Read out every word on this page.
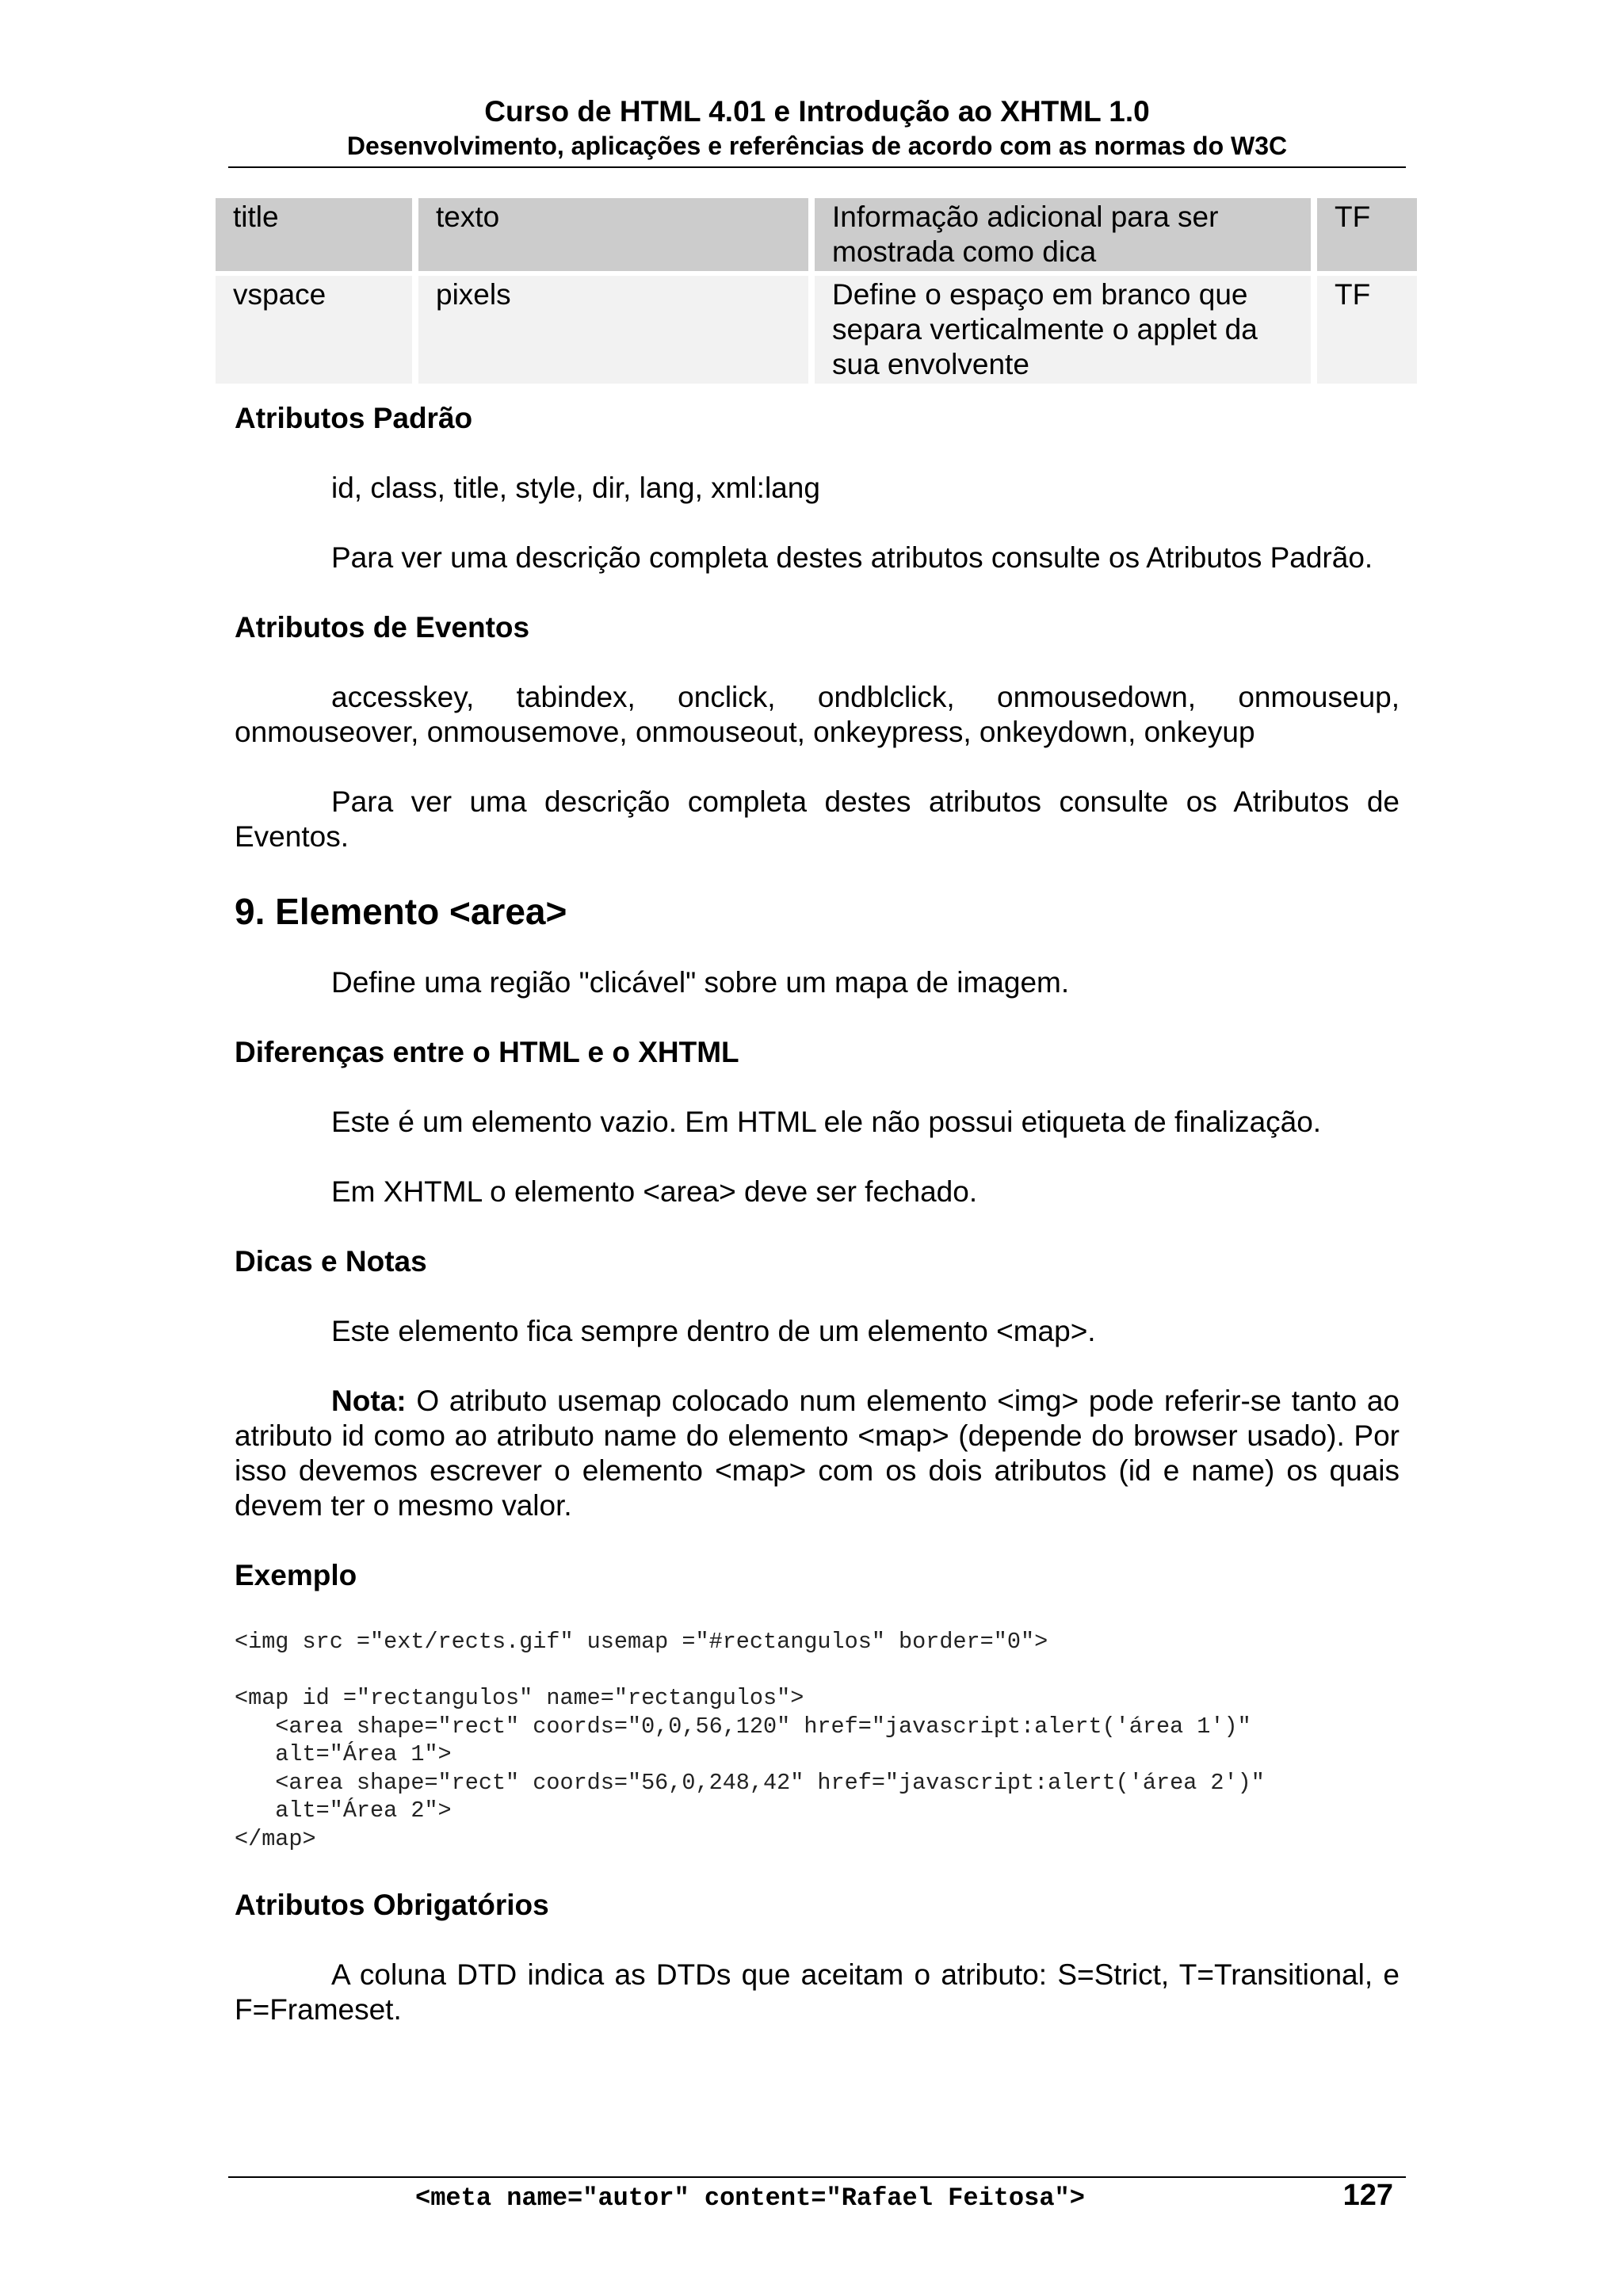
Curso de HTML 4.01 e Introdução ao XHTML 1.0
Desenvolvimento, aplicações e referências de acordo com as normas do W3C
title	texto	Informação adicional para ser mostrada como dica	TF
vspace	pixels	Define o espaço em branco que separa verticalmente o applet da sua envolvente	TF

Atributos Padrão

id, class, title, style, dir, lang, xml:lang

Para ver uma descrição completa destes atributos consulte os Atributos Padrão.

Atributos de Eventos

accesskey, tabindex, onclick, ondblclick, onmousedown, onmouseup, onmouseover, onmousemove, onmouseout, onkeypress, onkeydown, onkeyup

Para ver uma descrição completa destes atributos consulte os Atributos de Eventos.

9. Elemento <area>

Define uma região "clicável" sobre um mapa de imagem.

Diferenças entre o HTML e o XHTML

Este é um elemento vazio. Em HTML ele não possui etiqueta de finalização.

Em XHTML o elemento <area> deve ser fechado.

Dicas e Notas

Este elemento fica sempre dentro de um elemento <map>.

Nota: O atributo usemap colocado num elemento <img> pode referir-se tanto ao atributo id como ao atributo name do elemento <map> (depende do browser usado). Por isso devemos escrever o elemento <map> com os dois atributos (id e name) os quais devem ter o mesmo valor.

Exemplo

<img src ="ext/rects.gif" usemap ="#rectangulos" border="0">

<map id ="rectangulos" name="rectangulos">
<area shape="rect" coords="0,0,56,120" href="javascript:alert('área 1')"
alt="Área 1">
<area shape="rect" coords="56,0,248,42" href="javascript:alert('área 2')"
alt="Área 2">
</map>

Atributos Obrigatórios

A coluna DTD indica as DTDs que aceitam o atributo: S=Strict, T=Transitional, e F=Frameset.

<meta name="autor" content="Rafael Feitosa">	127
